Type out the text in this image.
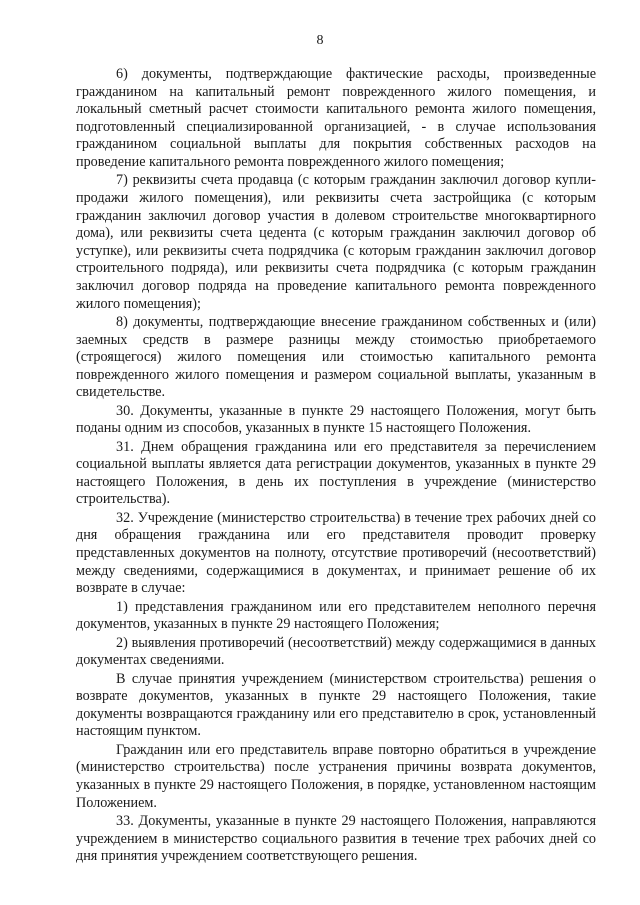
8

6) документы, подтверждающие фактические расходы, произведенные гражданином на капитальный ремонт поврежденного жилого помещения, и локальный сметный расчет стоимости капитального ремонта жилого помещения, подготовленный специализированной организацией, - в случае использования гражданином социальной выплаты для покрытия собственных расходов на проведение капитального ремонта поврежденного жилого помещения;

7) реквизиты счета продавца (с которым гражданин заключил договор купли-продажи жилого помещения), или реквизиты счета застройщика (с которым гражданин заключил договор участия в долевом строительстве многоквартирного дома), или реквизиты счета цедента (с которым гражданин заключил договор об уступке), или реквизиты счета подрядчика (с которым гражданин заключил договор строительного подряда), или реквизиты счета подрядчика (с которым гражданин заключил договор подряда на проведение капитального ремонта поврежденного жилого помещения);

8) документы, подтверждающие внесение гражданином собственных и (или) заемных средств в размере разницы между стоимостью приобретаемого (строящегося) жилого помещения или стоимостью капитального ремонта поврежденного жилого помещения и размером социальной выплаты, указанным в свидетельстве.

30. Документы, указанные в пункте 29 настоящего Положения, могут быть поданы одним из способов, указанных в пункте 15 настоящего Положения.

31. Днем обращения гражданина или его представителя за перечислением социальной выплаты является дата регистрации документов, указанных в пункте 29 настоящего Положения, в день их поступления в учреждение (министерство строительства).

32. Учреждение (министерство строительства) в течение трех рабочих дней со дня обращения гражданина или его представителя проводит проверку представленных документов на полноту, отсутствие противоречий (несоответствий) между сведениями, содержащимися в документах, и принимает решение об их возврате в случае:

1) представления гражданином или его представителем неполного перечня документов, указанных в пункте 29 настоящего Положения;

2) выявления противоречий (несоответствий) между содержащимися в данных документах сведениями.

В случае принятия учреждением (министерством строительства) решения о возврате документов, указанных в пункте 29 настоящего Положения, такие документы возвращаются гражданину или его представителю в срок, установленный настоящим пунктом.

Гражданин или его представитель вправе повторно обратиться в учреждение (министерство строительства) после устранения причины возврата документов, указанных в пункте 29 настоящего Положения, в порядке, установленном настоящим Положением.

33. Документы, указанные в пункте 29 настоящего Положения, направляются учреждением в министерство социального развития в течение трех рабочих дней со дня принятия учреждением соответствующего решения.
